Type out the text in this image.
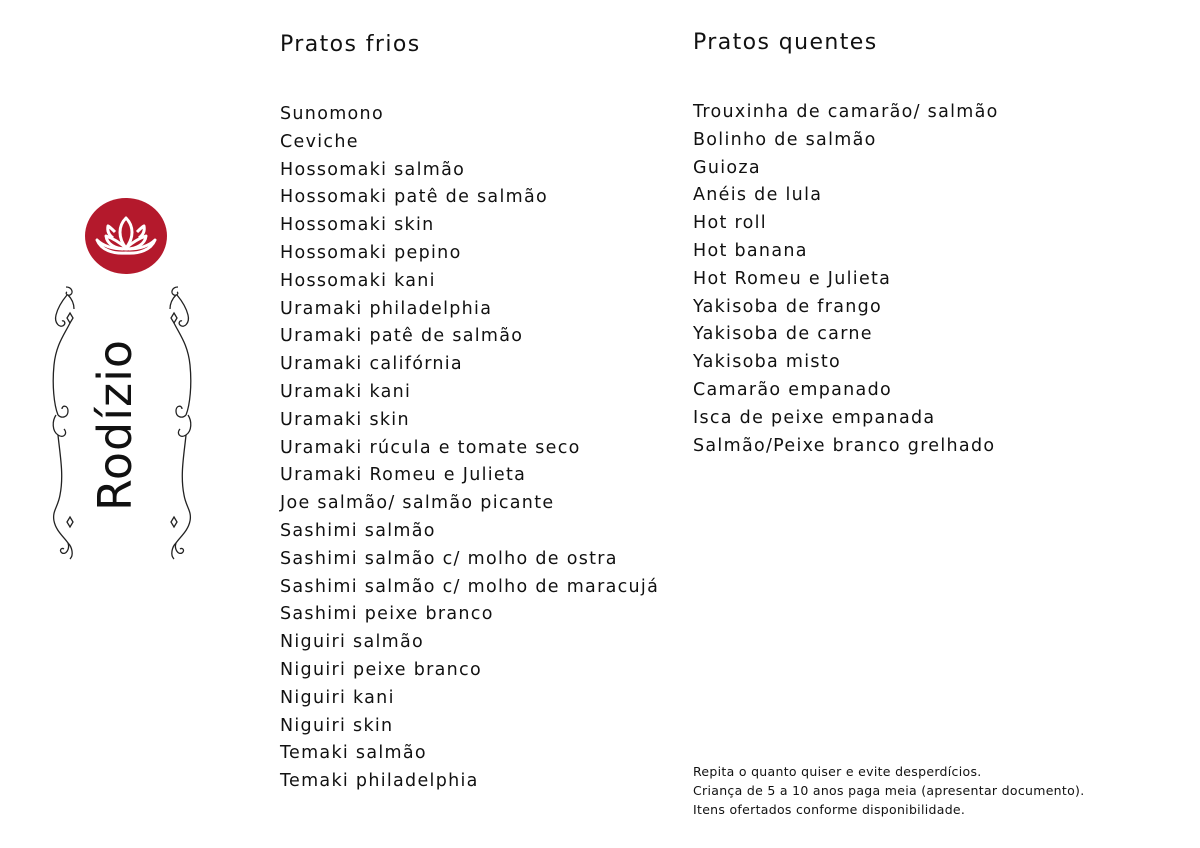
Rodízio
Pratos frios
Sunomono
Ceviche
Hossomaki salmão
Hossomaki patê de salmão
Hossomaki skin
Hossomaki pepino
Hossomaki kani
Uramaki philadelphia
Uramaki patê de salmão
Uramaki califórnia
Uramaki kani
Uramaki skin
Uramaki rúcula e tomate seco
Uramaki Romeu e Julieta
Joe salmão/ salmão picante
Sashimi salmão
Sashimi salmão c/ molho de ostra
Sashimi salmão c/ molho de maracujá
Sashimi peixe branco
Niguiri salmão
Niguiri peixe branco
Niguiri kani
Niguiri skin
Temaki salmão
Temaki philadelphia
Pratos quentes
Trouxinha de camarão/ salmão
Bolinho de salmão
Guioza
Anéis de lula
Hot roll
Hot banana
Hot Romeu e Julieta
Yakisoba de frango
Yakisoba de carne
Yakisoba misto
Camarão empanado
Isca de peixe empanada
Salmão/Peixe branco grelhado
Repita o quanto quiser e evite desperdícios.
Criança de 5 a 10 anos paga meia (apresentar documento).
Itens ofertados conforme disponibilidade.
